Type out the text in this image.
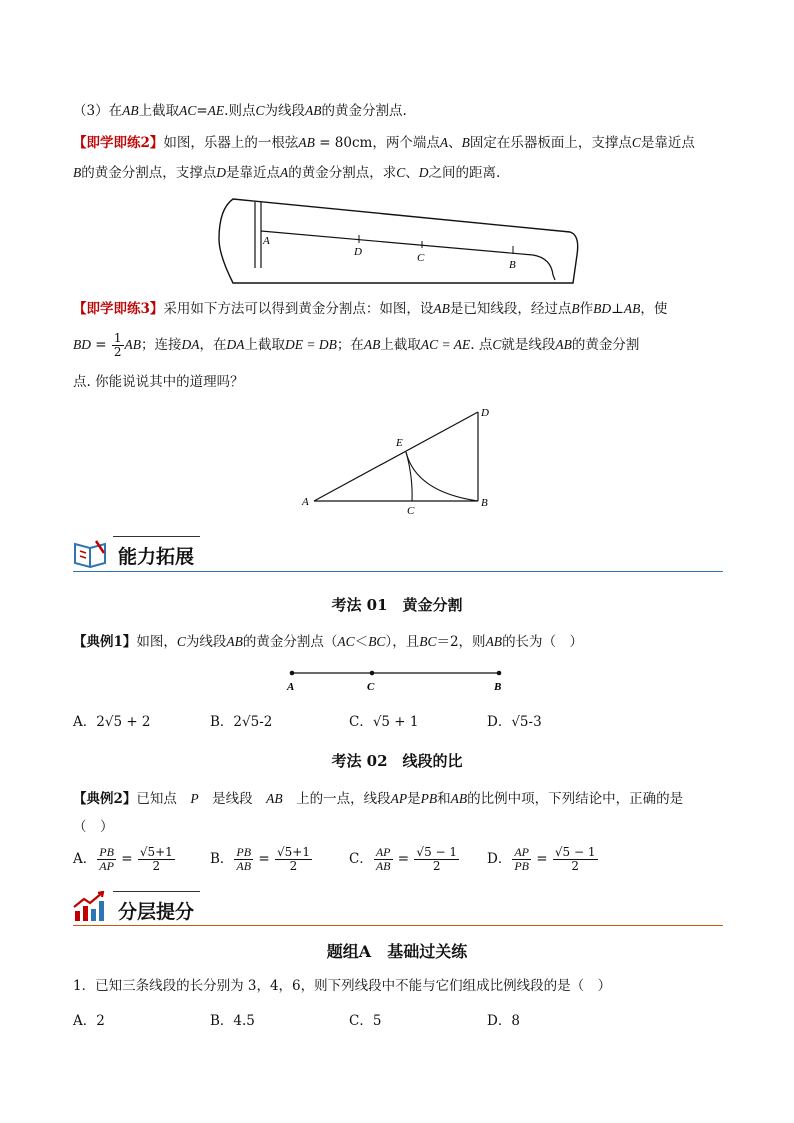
（3）在AB上截取AC=AE.则点C为线段AB的黄金分割点.
【即学即练2】如图，乐器上的一根弦AB = 80cm，两个端点A、B固定在乐器板面上，支撑点C是靠近点
B的黄金分割点，支撑点D是靠近点A的黄金分割点，求C、D之间的距离.
A
D	C
B
【即学即练3】采用如下方法可以得到黄金分割点：如图，设AB是已知线段，经过点B作BD⊥AB，使
BD = $\frac{1}{2}$ AB；连接DA，在DA上截取DE = DB；在AB上截取AC = AE. 点C就是线段AB的黄金分割
点. 你能说说其中的道理吗？
A	B
C
D
E
能力拓展
考法 01　黄金分割
【典例1】如图，C为线段AB的黄金分割点（AC＜BC），且BC＝2，则AB的长为（　）
A	C	B
A．2√5 + 2	B．2√5-2	C．√5 + 1	D．√5-3
考法 02　线段的比
【典例2】已知点　P　是线段　AB　上的一点，线段AP是PB和AB的比例中项，下列结论中，正确的是
（　）
A． $\frac{PB}{AP} = \frac{√5+1}{2}$	B． $\frac{PB}{AB} = \frac{√5+1}{2}$	C． $\frac{AP}{AB} = \frac{√5 - 1}{2}$ D． $\frac{AP}{PB} = \frac{√5 - 1}{2}$
分层提分
题组A　基础过关练
1．已知三条线段的长分别为 3，4，6，则下列线段中不能与它们组成比例线段的是（　）
A．2	B．4.5	C．5	D．8
